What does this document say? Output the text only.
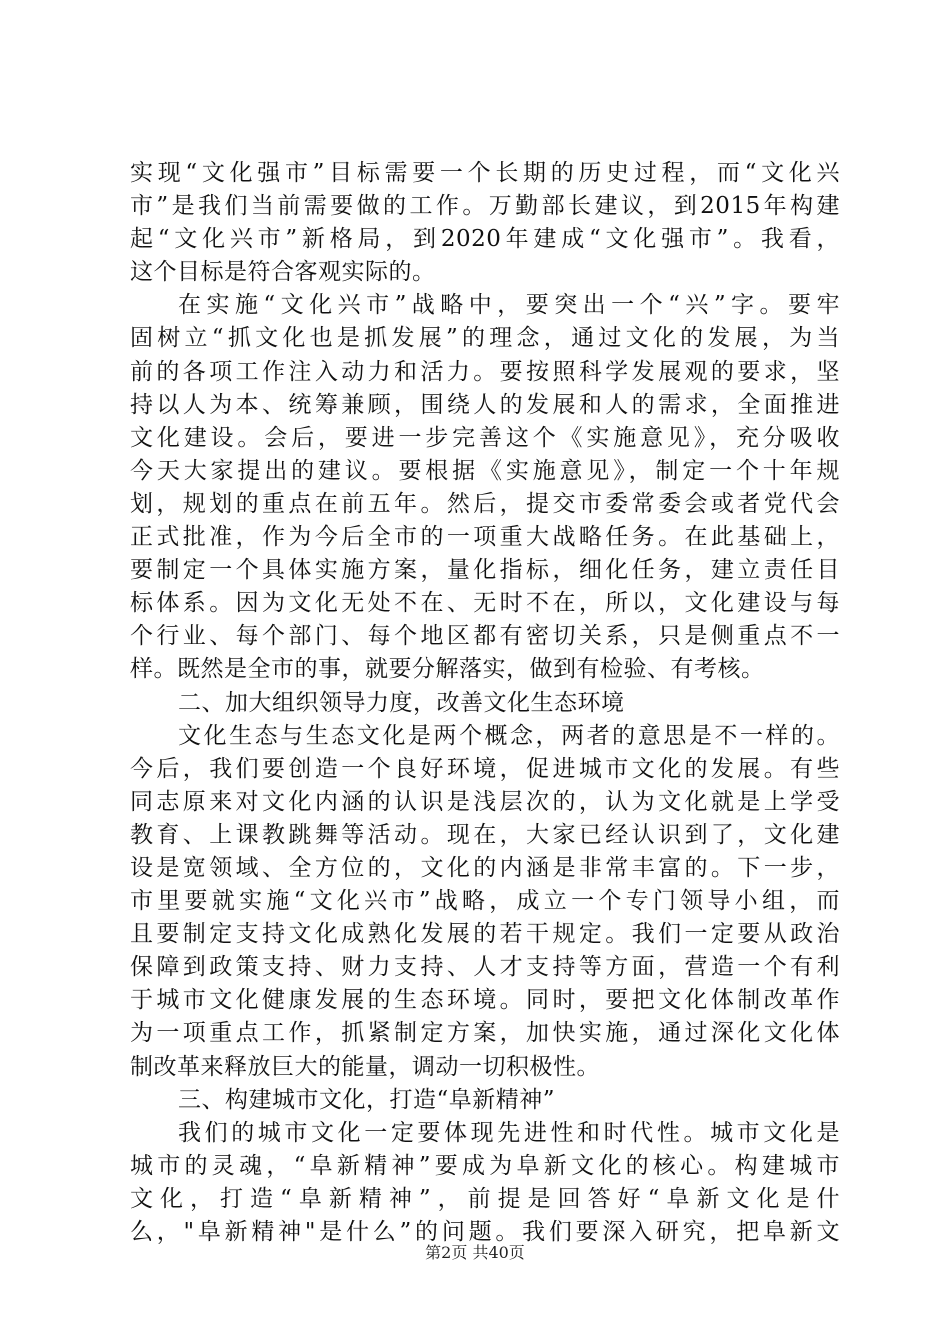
实现“文化强市”目标需要一个长期的历史过程，而“文化兴
市”是我们当前需要做的工作。万勤部长建议，到2015年构建
起“文化兴市”新格局，到2020年建成“文化强市”。我看，
这个目标是符合客观实际的。
在实施“文化兴市”战略中，要突出一个“兴”字。要牢
固树立“抓文化也是抓发展”的理念，通过文化的发展，为当
前的各项工作注入动力和活力。要按照科学发展观的要求，坚
持以人为本、统筹兼顾，围绕人的发展和人的需求，全面推进
文化建设。会后，要进一步完善这个《实施意见》，充分吸收
今天大家提出的建议。要根据《实施意见》，制定一个十年规
划，规划的重点在前五年。然后，提交市委常委会或者党代会
正式批准，作为今后全市的一项重大战略任务。在此基础上，
要制定一个具体实施方案，量化指标，细化任务，建立责任目
标体系。因为文化无处不在、无时不在，所以，文化建设与每
个行业、每个部门、每个地区都有密切关系，只是侧重点不一
样。既然是全市的事，就要分解落实，做到有检验、有考核。
二、加大组织领导力度，改善文化生态环境
文化生态与生态文化是两个概念，两者的意思是不一样的。
今后，我们要创造一个良好环境，促进城市文化的发展。有些
同志原来对文化内涵的认识是浅层次的，认为文化就是上学受
教育、上课教跳舞等活动。现在，大家已经认识到了，文化建
设是宽领域、全方位的，文化的内涵是非常丰富的。下一步，
市里要就实施“文化兴市”战略，成立一个专门领导小组，而
且要制定支持文化成熟化发展的若干规定。我们一定要从政治
保障到政策支持、财力支持、人才支持等方面，营造一个有利
于城市文化健康发展的生态环境。同时，要把文化体制改革作
为一项重点工作，抓紧制定方案，加快实施，通过深化文化体
制改革来释放巨大的能量，调动一切积极性。
三、构建城市文化，打造“阜新精神”
我们的城市文化一定要体现先进性和时代性。城市文化是
城市的灵魂，“阜新精神”要成为阜新文化的核心。构建城市
文化，打造“阜新精神”，前提是回答好“阜新文化是什
么，"阜新精神"是什么”的问题。我们要深入研究，把阜新文
第2页 共40页
